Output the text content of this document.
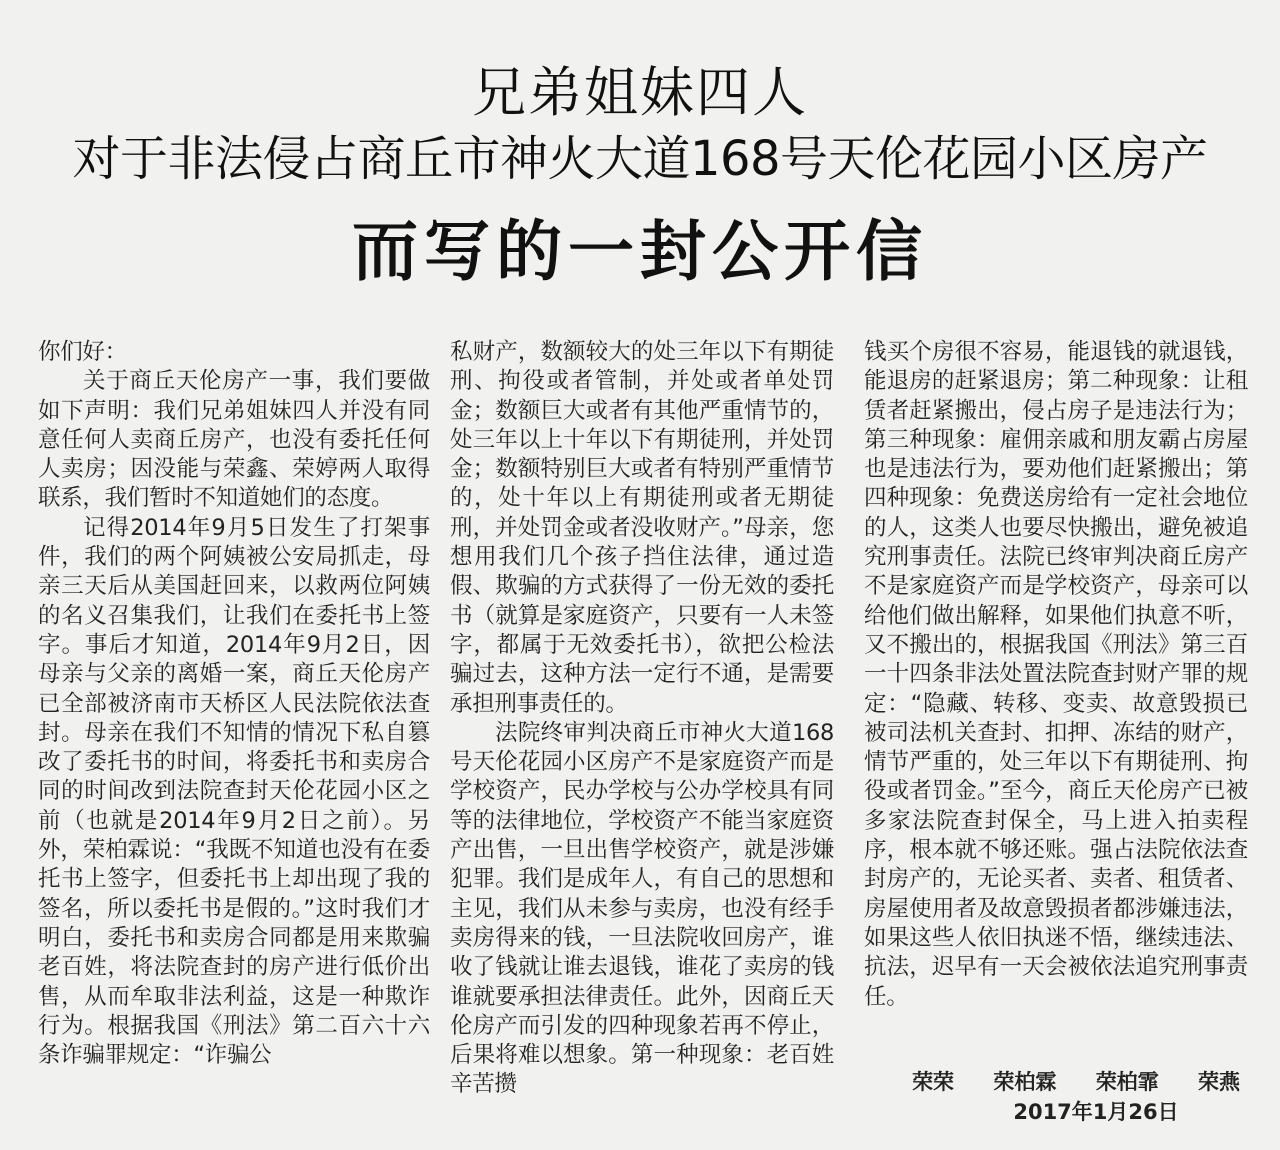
兄弟姐妹四人
对于非法侵占商丘市神火大道168号天伦花园小区房产
而写的一封公开信

你们好：

关于商丘天伦房产一事，我们要做如下声明：我们兄弟姐妹四人并没有同意任何人卖商丘房产，也没有委托任何人卖房；因没能与荣鑫、荣婷两人取得联系，我们暂时不知道她们的态度。

记得2014年9月5日发生了打架事件，我们的两个阿姨被公安局抓走，母亲三天后从美国赶回来，以救两位阿姨的名义召集我们，让我们在委托书上签字。事后才知道，2014年9月2日，因母亲与父亲的离婚一案，商丘天伦房产已全部被济南市天桥区人民法院依法查封。母亲在我们不知情的情况下私自篡改了委托书的时间，将委托书和卖房合同的时间改到法院查封天伦花园小区之前（也就是2014年9月2日之前）。另外，荣柏霖说：“我既不知道也没有在委托书上签字，但委托书上却出现了我的签名，所以委托书是假的。”这时我们才明白，委托书和卖房合同都是用来欺骗老百姓，将法院查封的房产进行低价出售，从而牟取非法利益，这是一种欺诈行为。根据我国《刑法》第二百六十六条诈骗罪规定：“诈骗公

私财产，数额较大的处三年以下有期徒刑、拘役或者管制，并处或者单处罚金；数额巨大或者有其他严重情节的，处三年以上十年以下有期徒刑，并处罚金；数额特别巨大或者有特别严重情节的，处十年以上有期徒刑或者无期徒刑，并处罚金或者没收财产。”母亲，您想用我们几个孩子挡住法律，通过造假、欺骗的方式获得了一份无效的委托书（就算是家庭资产，只要有一人未签字，都属于无效委托书），欲把公检法骗过去，这种方法一定行不通，是需要承担刑事责任的。

法院终审判决商丘市神火大道168号天伦花园小区房产不是家庭资产而是学校资产，民办学校与公办学校具有同等的法律地位，学校资产不能当家庭资产出售，一旦出售学校资产，就是涉嫌犯罪。我们是成年人，有自己的思想和主见，我们从未参与卖房，也没有经手卖房得来的钱，一旦法院收回房产，谁收了钱就让谁去退钱，谁花了卖房的钱谁就要承担法律责任。此外，因商丘天伦房产而引发的四种现象若再不停止，后果将难以想象。第一种现象：老百姓辛苦攒

钱买个房很不容易，能退钱的就退钱，能退房的赶紧退房；第二种现象：让租赁者赶紧搬出，侵占房子是违法行为；第三种现象：雇佣亲戚和朋友霸占房屋也是违法行为，要劝他们赶紧搬出；第四种现象：免费送房给有一定社会地位的人，这类人也要尽快搬出，避免被追究刑事责任。法院已终审判决商丘房产不是家庭资产而是学校资产，母亲可以给他们做出解释，如果他们执意不听，又不搬出的，根据我国《刑法》第三百一十四条非法处置法院查封财产罪的规定：“隐藏、转移、变卖、故意毁损已被司法机关查封、扣押、冻结的财产，情节严重的，处三年以下有期徒刑、拘役或者罚金。”至今，商丘天伦房产已被多家法院查封保全，马上进入拍卖程序，根本就不够还账。强占法院依法查封房产的，无论买者、卖者、租赁者、房屋使用者及故意毁损者都涉嫌违法，如果这些人依旧执迷不悟，继续违法、抗法，迟早有一天会被依法追究刑事责任。

荣荣 荣柏霖 荣柏霏 荣燕
2017年1月26日
